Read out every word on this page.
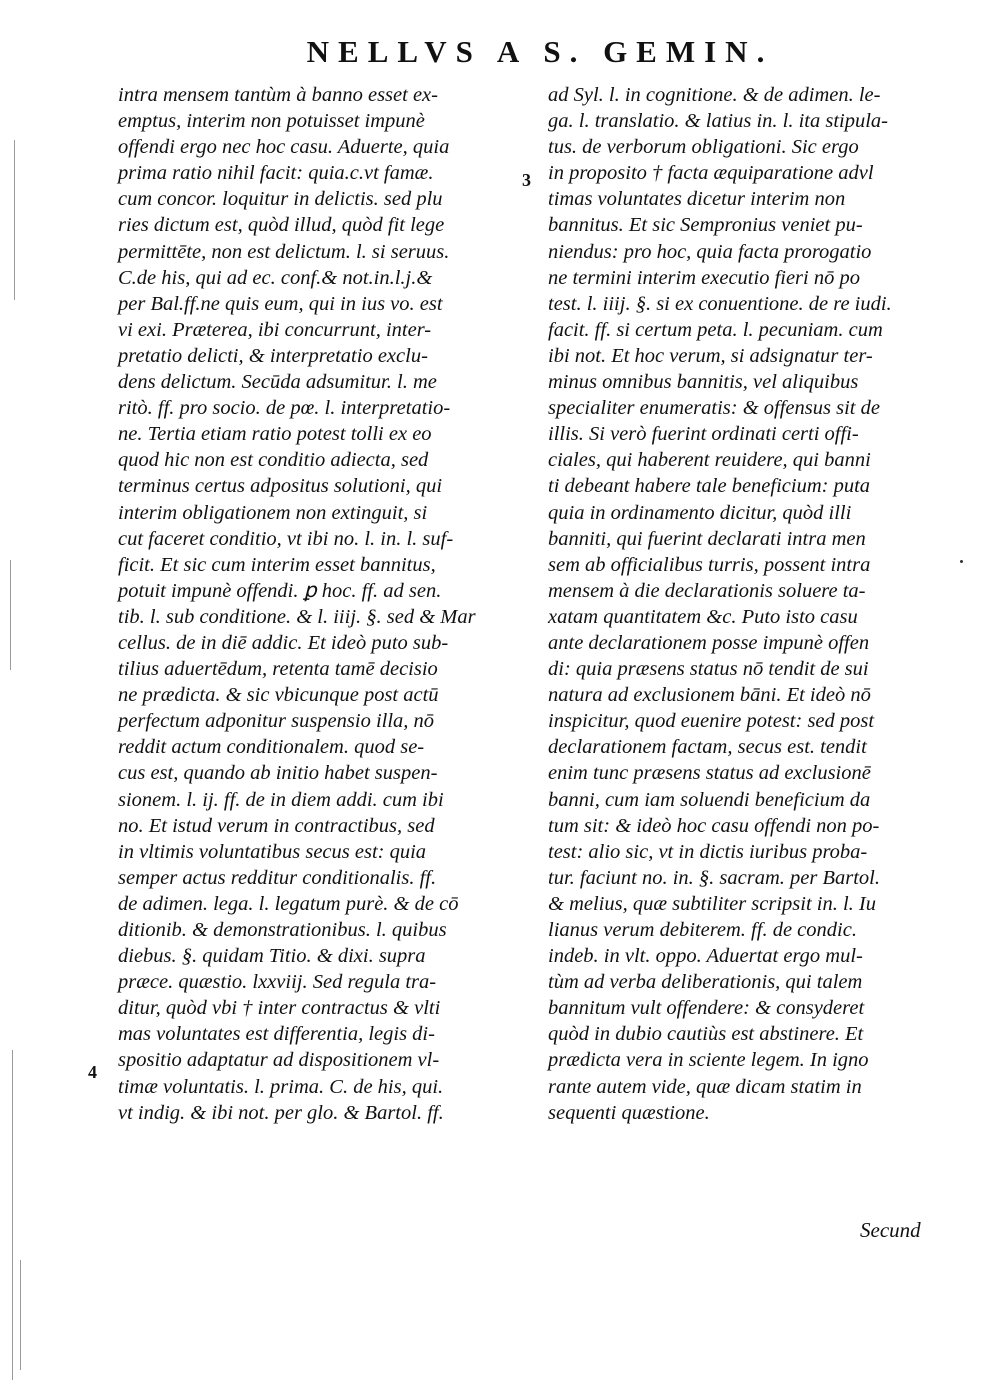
NELLVS A S. GEMIN.
intra mensem tantùm à banno esset ex-
emptus, interim non potuisset impunè
offendi ergo nec hoc casu. Aduerte, quia
prima ratio nihil facit: quia.c.vt famæ.
cum concor. loquitur in delictis. sed plu
ries dictum est, quòd illud, quòd fit lege
permittēte, non est delictum. l. si seruus.
C.de his, qui ad ec. conf.& not.in.l.j.&
per Bal.ff.ne quis eum, qui in ius vo. est
vi exi. Præterea, ibi concurrunt, inter-
pretatio delicti, & interpretatio exclu-
dens delictum. Secūda adsumitur. l. me
ritò. ff. pro socio. de pœ. l. interpretatio-
ne. Tertia etiam ratio potest tolli ex eo
quod hic non est conditio adiecta, sed
terminus certus adpositus solutioni, qui
interim obligationem non extinguit, si
cut faceret conditio, vt ibi no. l. in. l. suf-
ficit. Et sic cum interim esset bannitus,
potuit impunè offendi. ꝑ hoc. ff. ad sen.
tib. l. sub conditione. & l. iiij. §. sed & Mar
cellus. de in diē addic. Et ideò puto sub-
tilius aduertēdum, retenta tamē decisio
ne prædicta. & sic vbicunque post actū
perfectum adponitur suspensio illa, nō
reddit actum conditionalem. quod se-
cus est, quando ab initio habet suspen-
sionem. l. ij. ff. de in diem addi. cum ibi
no. Et istud verum in contractibus, sed
in vltimis voluntatibus secus est: quia
semper actus redditur conditionalis. ff.
de adimen. lega. l. legatum purè. & de cō
ditionib. & demonstrationibus. l. quibus
diebus. §. quidam Titio. & dixi. supra
præce. quæstio. lxxviij. Sed regula tra-
ditur, quòd vbi † inter contractus & vlti
mas voluntates est differentia, legis di-
spositio adaptatur ad dispositionem vl-
timæ voluntatis. l. prima. C. de his, qui.
vt indig. & ibi not. per glo. & Bartol. ff.
ad Syl. l. in cognitione. & de adimen. le-
ga. l. translatio. & latius in. l. ita stipula-
tus. de verborum obligationi. Sic ergo
in proposito † facta æquiparatione advl
timas voluntates dicetur interim non
bannitus. Et sic Sempronius veniet pu-
niendus: pro hoc, quia facta prorogatio
ne termini interim executio fieri nō po
test. l. iiij. §. si ex conuentione. de re iudi.
facit. ff. si certum peta. l. pecuniam. cum
ibi not. Et hoc verum, si adsignatur ter-
minus omnibus bannitis, vel aliquibus
specialiter enumeratis: & offensus sit de
illis. Si verò fuerint ordinati certi offi-
ciales, qui haberent reuidere, qui banni
ti debeant habere tale beneficium: puta
quia in ordinamento dicitur, quòd illi
banniti, qui fuerint declarati intra men
sem ab officialibus turris, possent intra
mensem à die declarationis soluere ta-
xatam quantitatem &c. Puto isto casu
ante declarationem posse impunè offen
di: quia præsens status nō tendit de sui
natura ad exclusionem bāni. Et ideò nō
inspicitur, quod euenire potest: sed post
declarationem factam, secus est. tendit
enim tunc præsens status ad exclusionē
banni, cum iam soluendi beneficium da
tum sit: & ideò hoc casu offendi non po-
test: alio sic, vt in dictis iuribus proba-
tur. faciunt no. in. §. sacram. per Bartol.
& melius, quæ subtiliter scripsit in. l. Iu
lianus verum debiterem. ff. de condic.
indeb. in vlt. oppo. Aduertat ergo mul-
tùm ad verba deliberationis, qui talem
bannitum vult offendere: & consyderet
quòd in dubio cautiùs est abstinere. Et
prædicta vera in sciente legem. In igno
rante autem vide, quæ dicam statim in
sequenti quæstione.
3
4
Secund
